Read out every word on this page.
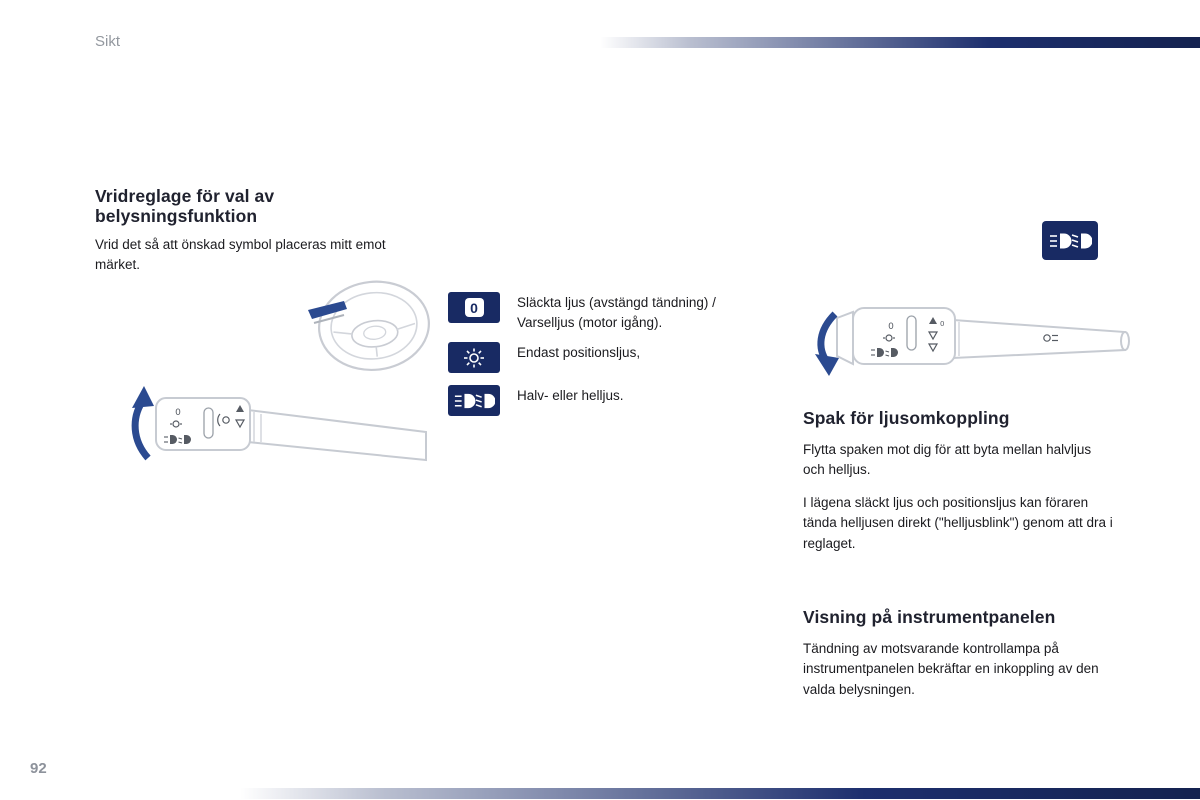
Sikt
Vridreglage för val av belysningsfunktion

Vrid det så att önskad symbol placeras mitt emot märket.

0
0	Släckta ljus (avstängd tändning) / Varselljus (motor igång).
Endast positionsljus,
Halv- eller helljus.
0	0
Spak för ljusomkoppling

Flytta spaken mot dig för att byta mellan halvljus och helljus.

I lägena släckt ljus och positionsljus kan föraren tända helljusen direkt ("helljusblink") genom att dra i reglaget.

Visning på instrumentpanelen

Tändning av motsvarande kontrollampa på instrumentpanelen bekräftar en inkoppling av den valda belysningen.

92
